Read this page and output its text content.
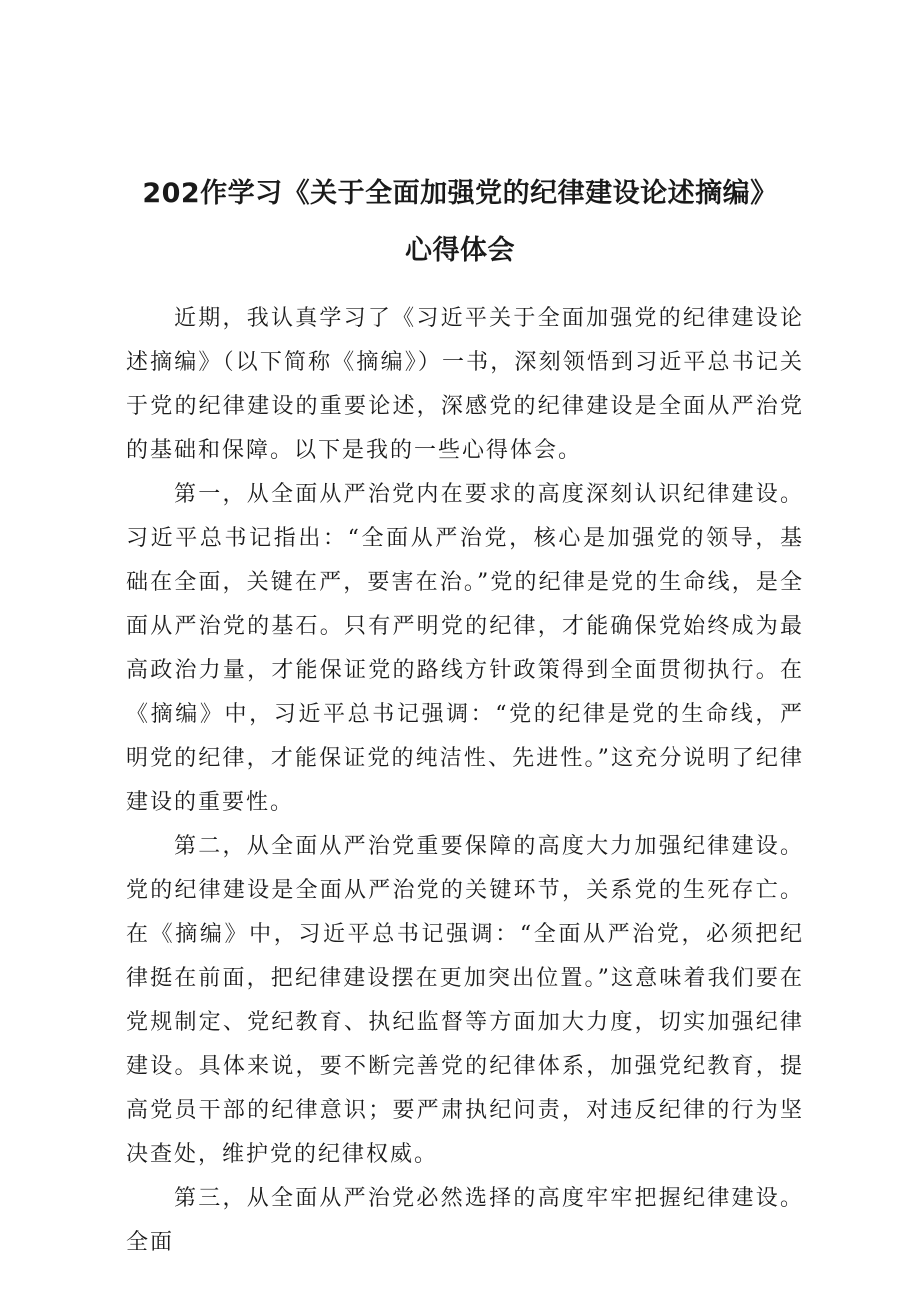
202作学习《关于全面加强党的纪律建设论述摘编》心得体会

近期，我认真学习了《习近平关于全面加强党的纪律建设论述摘编》（以下简称《摘编》）一书，深刻领悟到习近平总书记关于党的纪律建设的重要论述，深感党的纪律建设是全面从严治党的基础和保障。以下是我的一些心得体会。

第一，从全面从严治党内在要求的高度深刻认识纪律建设。习近平总书记指出：“全面从严治党，核心是加强党的领导，基础在全面，关键在严，要害在治。”党的纪律是党的生命线，是全面从严治党的基石。只有严明党的纪律，才能确保党始终成为最高政治力量，才能保证党的路线方针政策得到全面贯彻执行。在《摘编》中，习近平总书记强调：“党的纪律是党的生命线，严明党的纪律，才能保证党的纯洁性、先进性。”这充分说明了纪律建设的重要性。

第二，从全面从严治党重要保障的高度大力加强纪律建设。党的纪律建设是全面从严治党的关键环节，关系党的生死存亡。在《摘编》中，习近平总书记强调：“全面从严治党，必须把纪律挺在前面，把纪律建设摆在更加突出位置。”这意味着我们要在党规制定、党纪教育、执纪监督等方面加大力度，切实加强纪律建设。具体来说，要不断完善党的纪律体系，加强党纪教育，提高党员干部的纪律意识；要严肃执纪问责，对违反纪律的行为坚决查处，维护党的纪律权威。

第三，从全面从严治党必然选择的高度牢牢把握纪律建设。全面
